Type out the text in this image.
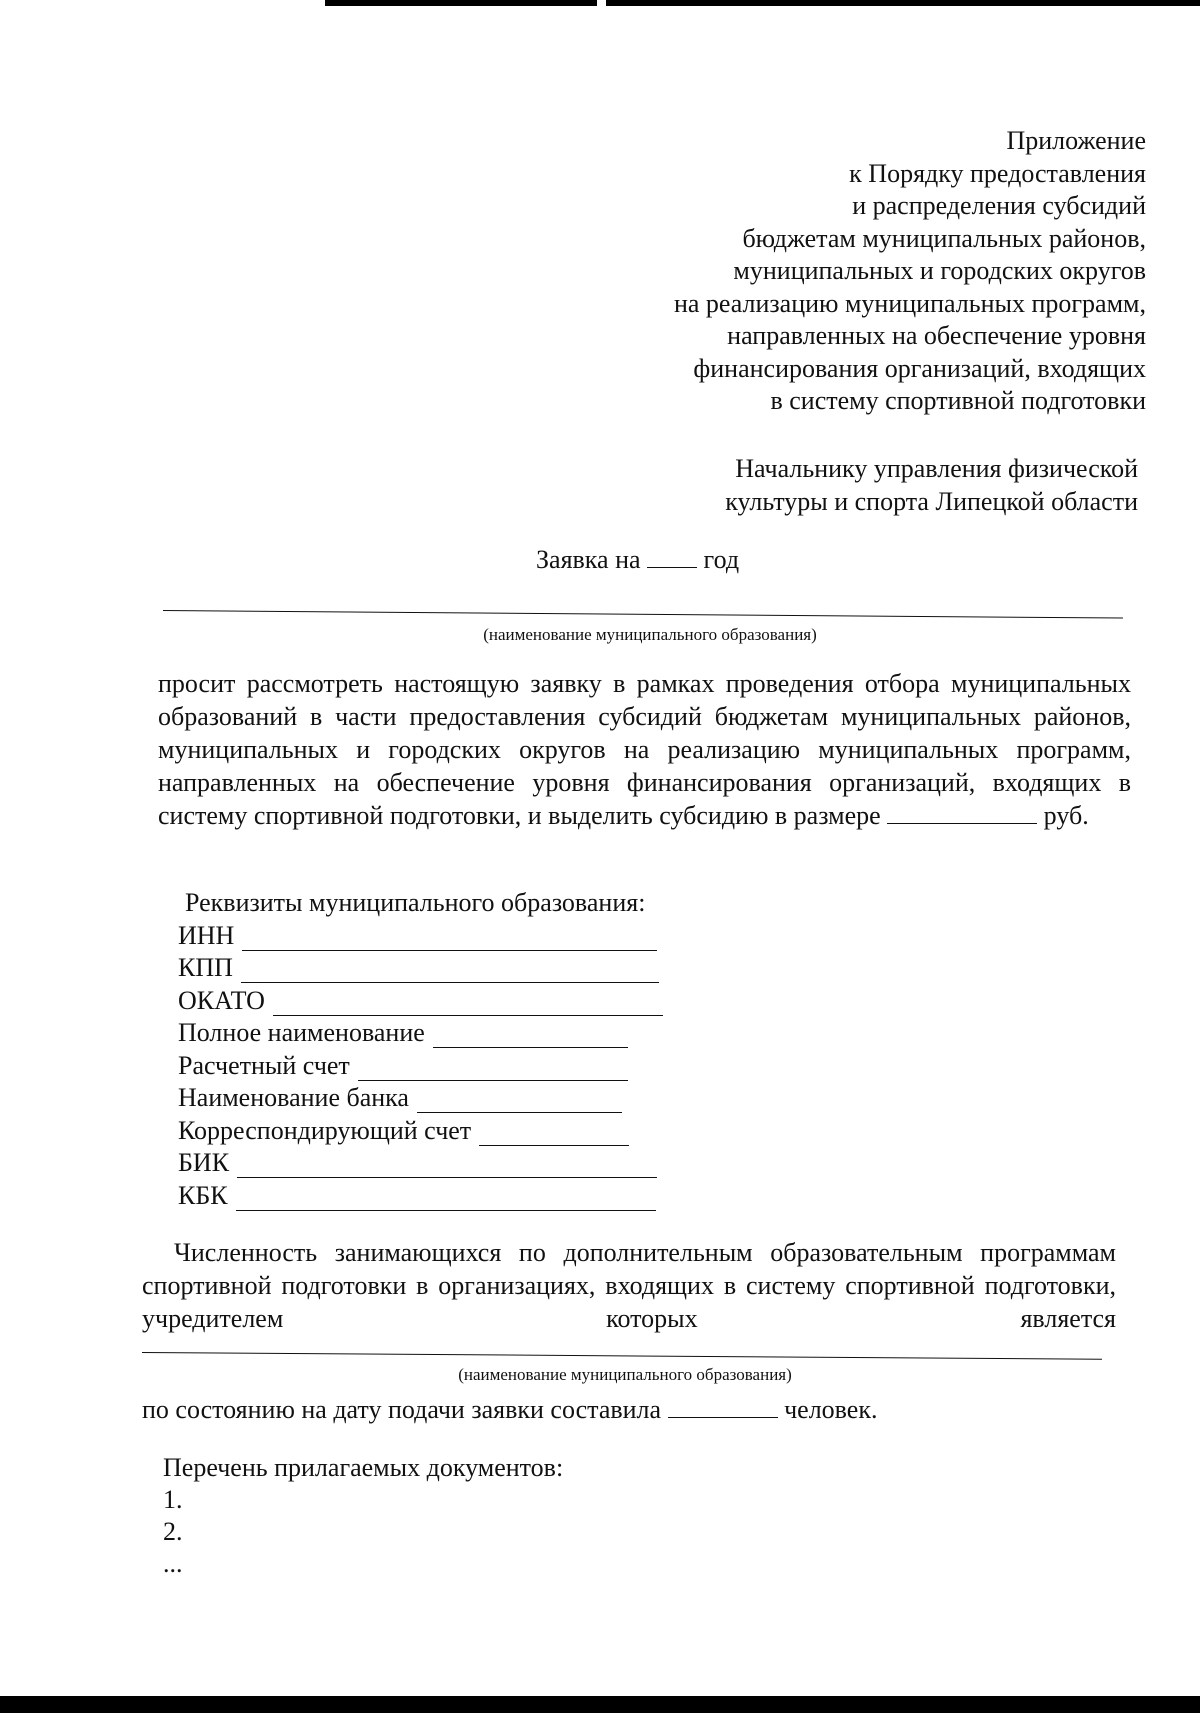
Приложение
к Порядку предоставления
и распределения субсидий
бюджетам муниципальных районов,
муниципальных и городских округов
на реализацию муниципальных программ,
направленных на обеспечение уровня
финансирования организаций, входящих
в систему спортивной подготовки
Начальнику управления физической
культуры и спорта Липецкой области
Заявка на год
(наименование муниципального образования)
просит рассмотреть настоящую заявку в рамках проведения отбора муниципальных образований в части предоставления субсидий бюджетам муниципальных районов, муниципальных и городских округов на реализацию муниципальных программ, направленных на обеспечение уровня финансирования организаций, входящих в систему спортивной подготовки, и выделить субсидию в размере	руб.
Реквизиты муниципального образования:
ИНН
КПП
ОКАТО
Полное наименование
Расчетный счет
Наименование банка
Корреспондирующий счет
БИК
КБК
Численность занимающихся по дополнительным образовательным программам спортивной подготовки в организациях, входящих в систему спортивной подготовки, учредителем которых является
(наименование муниципального образования)
по состоянию на дату подачи заявки составила	человек.
Перечень прилагаемых документов:
1.
2.
...
